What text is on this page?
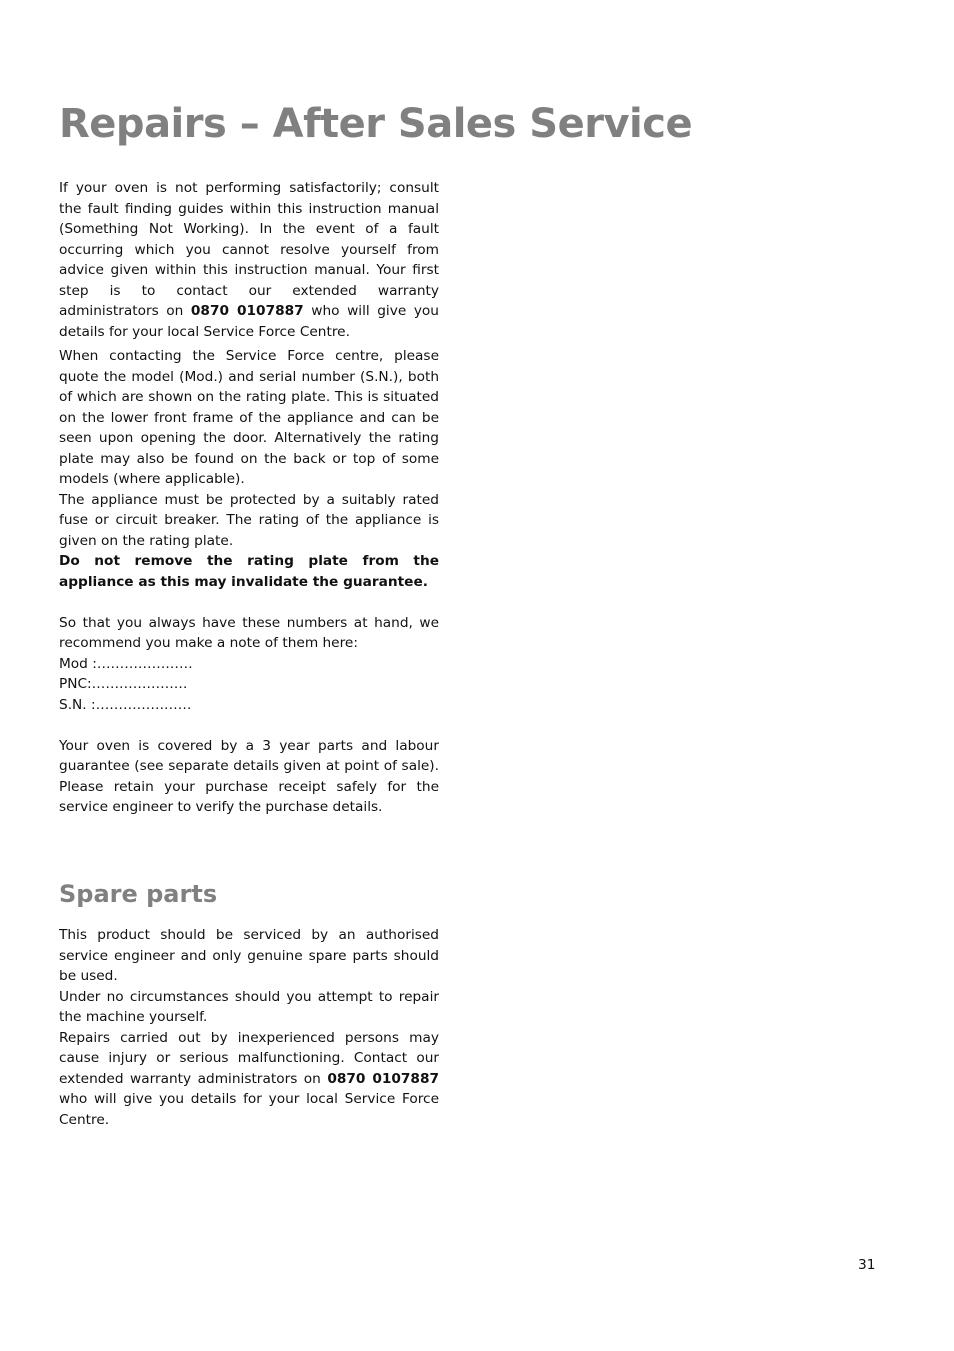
Repairs – After Sales Service

If your oven is not performing satisfactorily; consult the fault finding guides within this instruction manual (Something Not Working). In the event of a fault occurring which you cannot resolve yourself from advice given within this instruction manual. Your first step is to contact our extended warranty administrators on 0870 0107887 who will give you details for your local Service Force Centre.

When contacting the Service Force centre, please quote the model (Mod.) and serial number (S.N.), both of which are shown on the rating plate. This is situated on the lower front frame of the appliance and can be seen upon opening the door. Alternatively the rating plate may also be found on the back or top of some models (where applicable).

The appliance must be protected by a suitably rated fuse or circuit breaker. The rating of the appliance is given on the rating plate.

Do not remove the rating plate from the appliance as this may invalidate the guarantee.

So that you always have these numbers at hand, we recommend you make a note of them here:

Mod :…………………

PNC:…………………

S.N. :…………………

Your oven is covered by a 3 year parts and labour guarantee (see separate details given at point of sale). Please retain your purchase receipt safely for the service engineer to verify the purchase details.

Spare parts

This product should be serviced by an authorised service engineer and only genuine spare parts should be used.

Under no circumstances should you attempt to repair the machine yourself.

Repairs carried out by inexperienced persons may cause injury or serious malfunctioning. Contact our extended warranty administrators on 0870 0107887 who will give you details for your local Service Force Centre.

31
